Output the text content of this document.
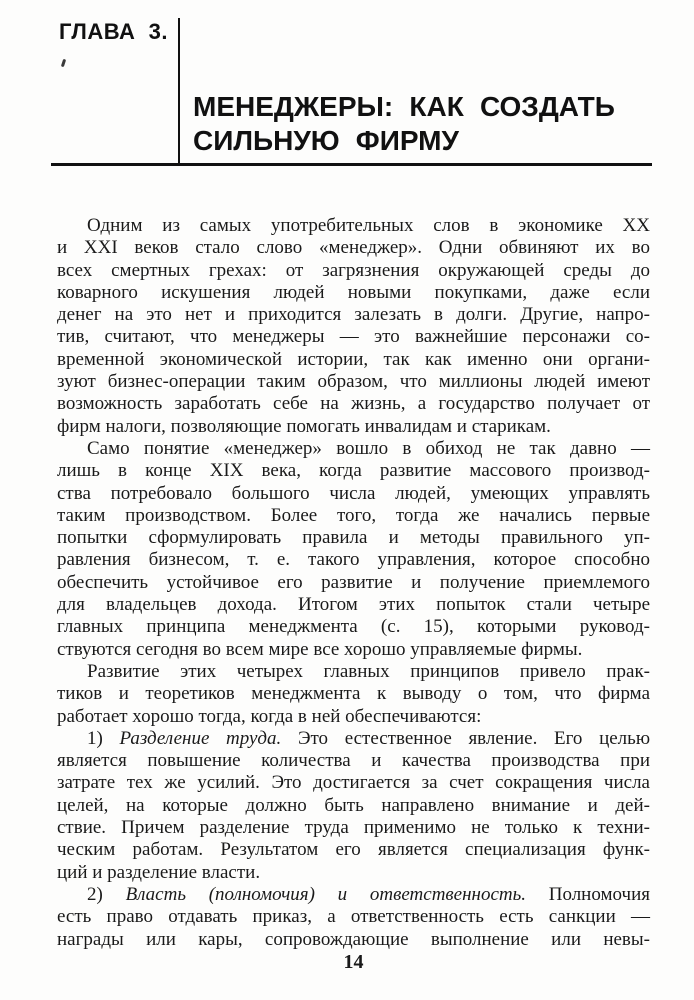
ГЛАВА 3.
МЕНЕДЖЕРЫ: КАК СОЗДАТЬ СИЛЬНУЮ ФИРМУ
Одним из самых употребительных слов в экономике XX
и XXI веков стало слово «менеджер». Одни обвиняют их во
всех смертных грехах: от загрязнения окружающей среды до
коварного искушения людей новыми покупками, даже если
денег на это нет и приходится залезать в долги. Другие, напро-
тив, считают, что менеджеры — это важнейшие персонажи со-
временной экономической истории, так как именно они органи-
зуют бизнес-операции таким образом, что миллионы людей имеют
возможность заработать себе на жизнь, а государство получает от
фирм налоги, позволяющие помогать инвалидам и старикам.
Само понятие «менеджер» вошло в обиход не так давно —
лишь в конце XIX века, когда развитие массового производ-
ства потребовало большого числа людей, умеющих управлять
таким производством. Более того, тогда же начались первые
попытки сформулировать правила и методы правильного уп-
равления бизнесом, т. е. такого управления, которое способно
обеспечить устойчивое его развитие и получение приемлемого
для владельцев дохода. Итогом этих попыток стали четыре
главных принципа менеджмента (с. 15), которыми руковод-
ствуются сегодня во всем мире все хорошо управляемые фирмы.
Развитие этих четырех главных принципов привело прак-
тиков и теоретиков менеджмента к выводу о том, что фирма
работает хорошо тогда, когда в ней обеспечиваются:
1) Разделение труда. Это естественное явление. Его целью
является повышение количества и качества производства при
затрате тех же усилий. Это достигается за счет сокращения числа
целей, на которые должно быть направлено внимание и дей-
ствие. Причем разделение труда применимо не только к техни-
ческим работам. Результатом его является специализация функ-
ций и разделение власти.
2) Власть (полномочия) и ответственность. Полномочия
есть право отдавать приказ, а ответственность есть санкции —
награды или кары, сопровождающие выполнение или невы-
14
